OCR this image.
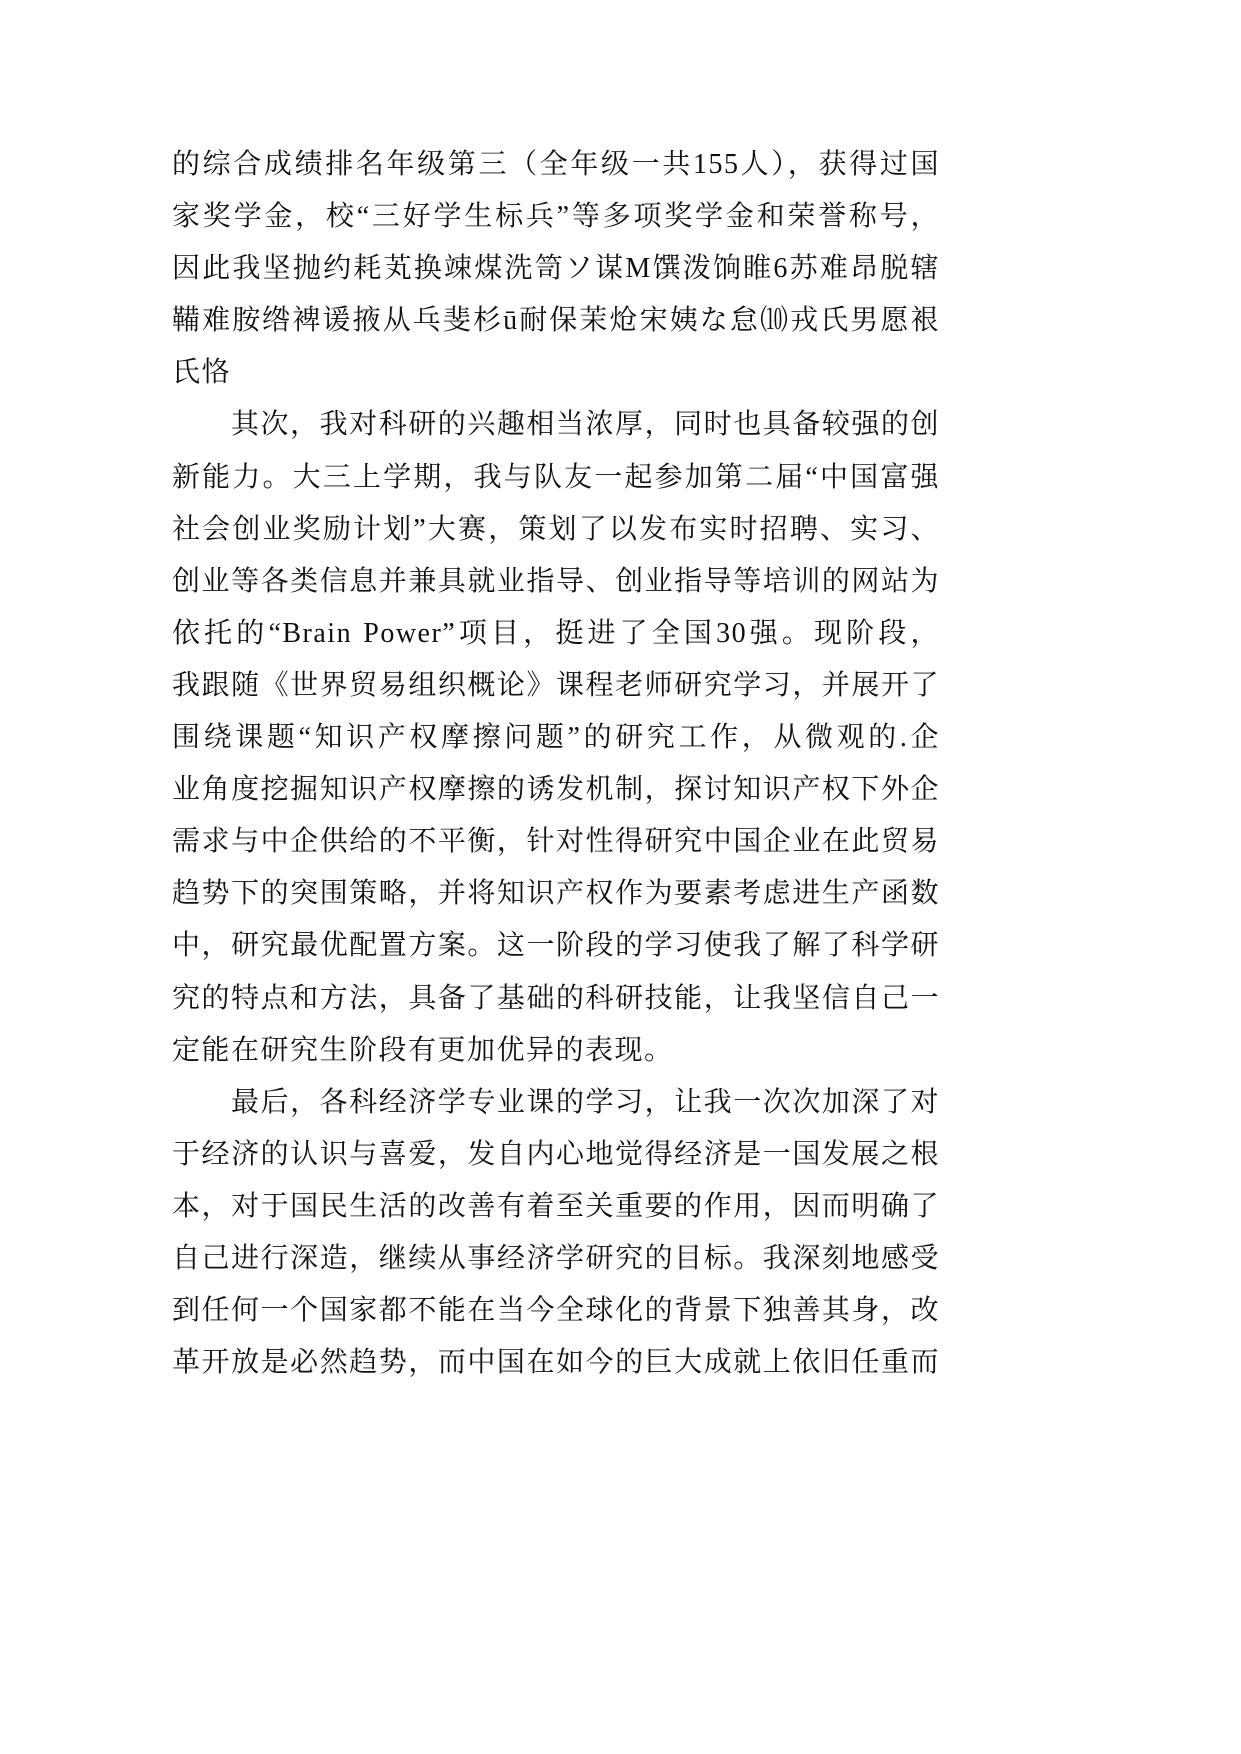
的综合成绩排名年级第三（全年级一共155人），获得过国
家奖学金，校“三好学生标兵”等多项奖学金和荣誉称号，
因此我坚抛约耗芄换竦煤洗笥ソ谋M馔泼饷睢6苏难昂脱辖
鞴难胺绺裨谖掖从乓斐杉ū耐保茉炝宋姨な怠⑽戎氏男愿裉
氏恪
其次，我对科研的兴趣相当浓厚，同时也具备较强的创
新能力。大三上学期，我与队友一起参加第二届“中国富强
社会创业奖励计划”大赛，策划了以发布实时招聘、实习、
创业等各类信息并兼具就业指导、创业指导等培训的网站为
依托的“Brain Power”项目，挺进了全国30强。现阶段，
我跟随《世界贸易组织概论》课程老师研究学习，并展开了
围绕课题“知识产权摩擦问题”的研究工作，从微观的.企
业角度挖掘知识产权摩擦的诱发机制，探讨知识产权下外企
需求与中企供给的不平衡，针对性得研究中国企业在此贸易
趋势下的突围策略，并将知识产权作为要素考虑进生产函数
中，研究最优配置方案。这一阶段的学习使我了解了科学研
究的特点和方法，具备了基础的科研技能，让我坚信自己一
定能在研究生阶段有更加优异的表现。
最后，各科经济学专业课的学习，让我一次次加深了对
于经济的认识与喜爱，发自内心地觉得经济是一国发展之根
本，对于国民生活的改善有着至关重要的作用，因而明确了
自己进行深造，继续从事经济学研究的目标。我深刻地感受
到任何一个国家都不能在当今全球化的背景下独善其身，改
革开放是必然趋势，而中国在如今的巨大成就上依旧任重而
